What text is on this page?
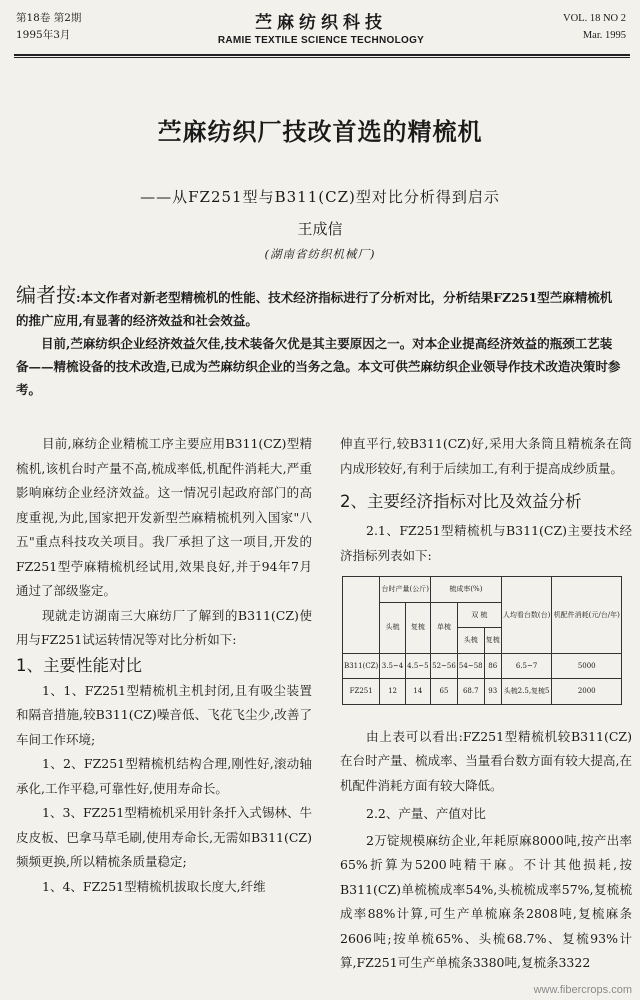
第18卷 第2期
1995年3月
苎麻纺织科技
RAMIE TEXTILE SCIENCE TECHNOLOGY
VOL. 18 NO 2
Mar. 1995
苎麻纺织厂技改首选的精梳机
——从FZ251型与B311(CZ)型对比分析得到启示
王成信
(湖南省纺织机械厂)

编者按:本文作者对新老型精梳机的性能、技术经济指标进行了分析对比，分析结果FZ251型苎麻精梳机的推广应用,有显著的经济效益和社会效益。

目前,苎麻纺织企业经济效益欠佳,技术装备欠优是其主要原因之一。对本企业提高经济效益的瓶颈工艺装备——精梳设备的技术改造,已成为苎麻纺织企业的当务之急。本文可供苎麻纺织企业领导作技术改造决策时参考。

目前,麻纺企业精梳工序主要应用B311(CZ)型精梳机,该机台时产量不高,梳成率低,机配件消耗大,严重影响麻纺企业经济效益。这一情况引起政府部门的高度重视,为此,国家把开发新型苎麻精梳机列入国家"八五"重点科技攻关项目。我厂承担了这一项目,开发的FZ251型苧麻精梳机经试用,效果良好,并于94年7月通过了部级鉴定。

现就走访湖南三大麻纺厂了解到的B311(CZ)使用与FZ251试运转情况等对比分析如下:

1、主要性能对比

1、1、FZ251型精梳机主机封闭,且有吸尘装置和隔音措施,较B311(CZ)噪音低、飞花飞尘少,改善了车间工作环境;

1、2、FZ251型精梳机结构合理,刚性好,滚动轴承化,工作平稳,可靠性好,使用寿命长。

1、3、FZ251型精梳机采用针条扦入式锡林、牛皮皮板、巴拿马草毛刷,使用寿命长,无需如B311(CZ)频频更换,所以精梳条质量稳定;

1、4、FZ251型精梳机拔取长度大,纤维

伸直平行,较B311(CZ)好,采用大条筒且精梳条在筒内成形较好,有利于后续加工,有利于提高成纱质量。

2、主要经济指标对比及效益分析

2.1、FZ251型精梳机与B311(CZ)主要技术经济指标列表如下:

	台时产量(公斤)		梳成率(%)			人均看台数(台)	机配件消耗(元/台/年)
	头梳	复梳	单梳	双 梳			
				头梳	复梳		
B311(CZ)	3.5~4	4.5~5	52~56	54~58	86	6.5~7	5000
FZ251	12	14	65	68.7	93	头梳2.5,复梳5	2000

由上表可以看出:FZ251型精梳机较B311(CZ)在台时产量、梳成率、当量看台数方面有较大提高,在机配件消耗方面有较大降低。

2.2、产量、产值对比

2万锭规模麻纺企业,年耗原麻8000吨,按产出率65%折算为5200吨精干麻。不计其他损耗,按B311(CZ)单梳梳成率54%,头梳梳成率57%,复梳梳成率88%计算,可生产单梳麻条2808吨,复梳麻条2606吨;按单梳65%、头梳68.7%、复梳93%计算,FZ251可生产单梳条3380吨,复梳条3322

www.fibercrops.com
